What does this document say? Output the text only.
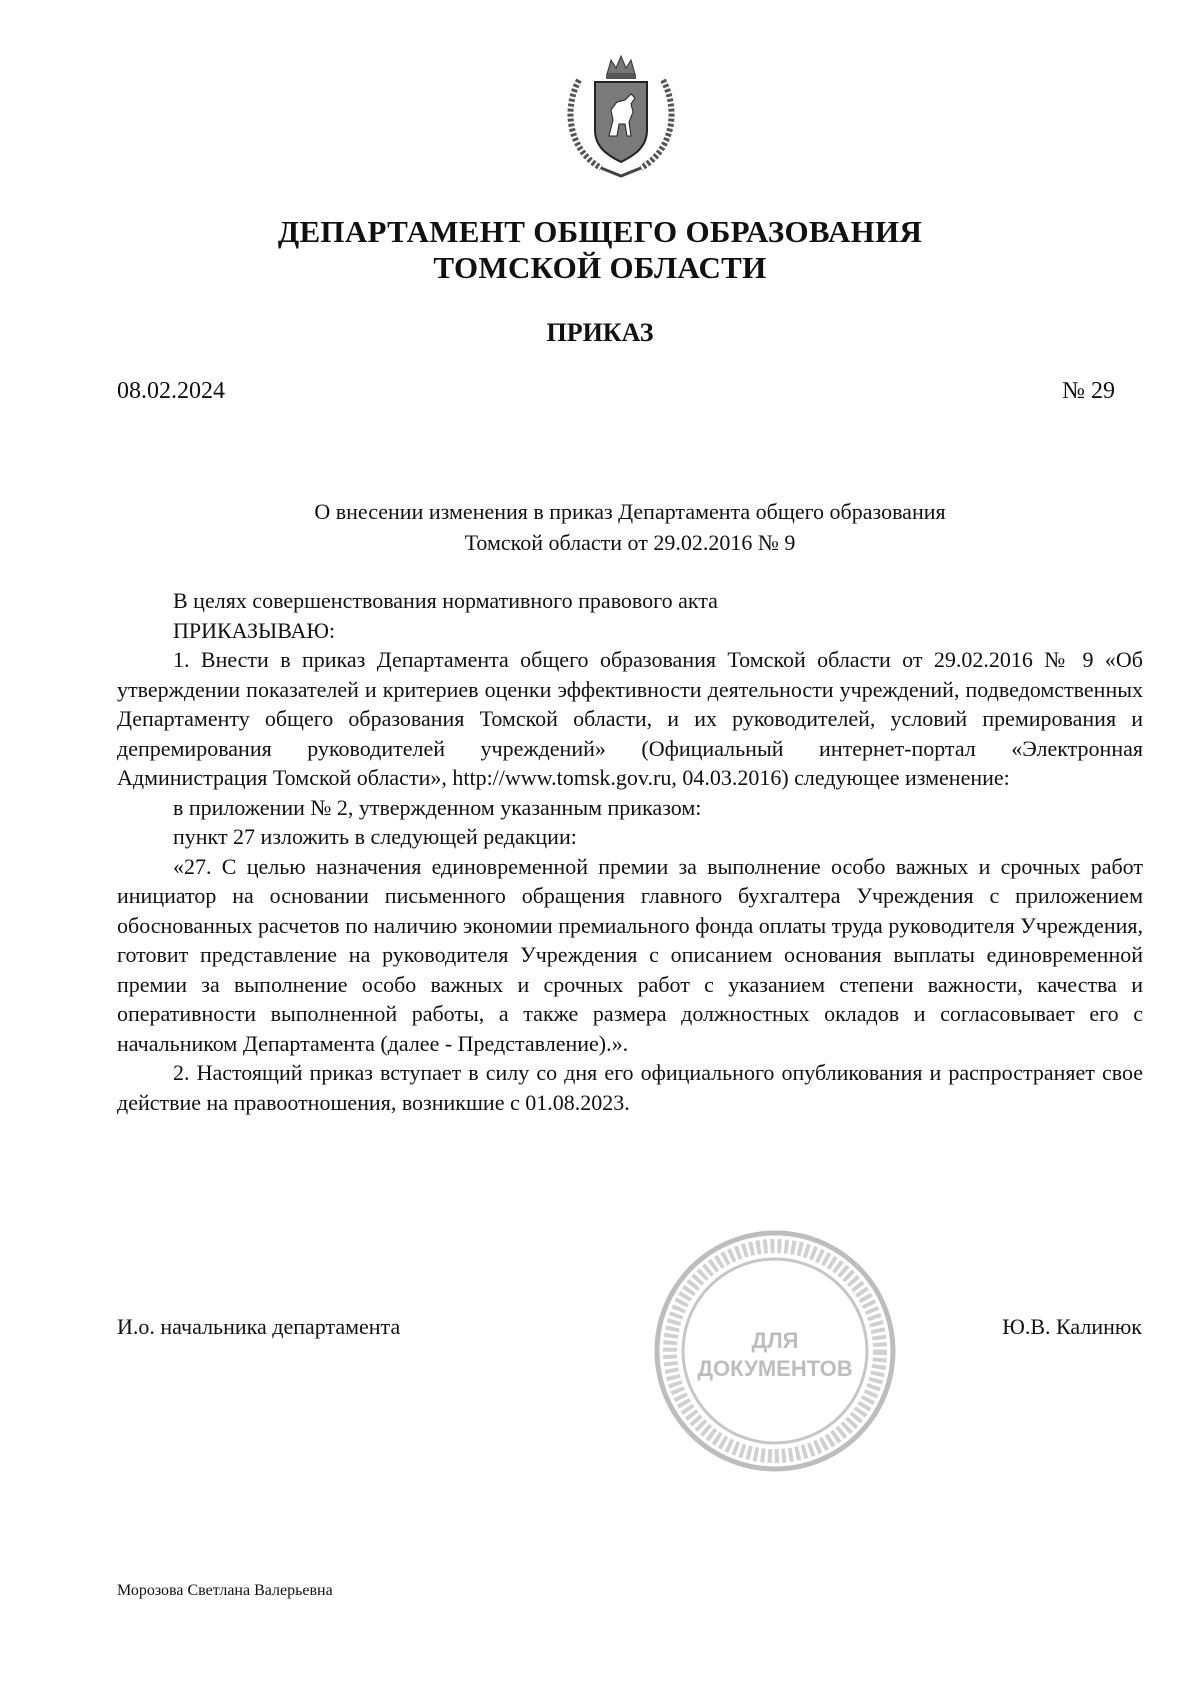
ДЕПАРТАМЕНТ ОБЩЕГО ОБРАЗОВАНИЯ
ТОМСКОЙ ОБЛАСТИ
ПРИКАЗ
08.02.2024	№ 29
О внесении изменения в приказ Департамента общего образования
Томской области от 29.02.2016 № 9

В целях совершенствования нормативного правового акта

ПРИКАЗЫВАЮ:

1. Внести в приказ Департамента общего образования Томской области от 29.02.2016 № 9 «Об утверждении показателей и критериев оценки эффективности деятельности учреждений, подведомственных Департаменту общего образования Томской области, и их руководителей, условий премирования и депремирования руководителей учреждений» (Официальный интернет-портал «Электронная Администрация Томской области», http://www.tomsk.gov.ru, 04.03.2016) следующее изменение:

в приложении № 2, утвержденном указанным приказом:

пункт 27 изложить в следующей редакции:

«27. С целью назначения единовременной премии за выполнение особо важных и срочных работ инициатор на основании письменного обращения главного бухгалтера Учреждения с приложением обоснованных расчетов по наличию экономии премиального фонда оплаты труда руководителя Учреждения, готовит представление на руководителя Учреждения с описанием основания выплаты единовременной премии за выполнение особо важных и срочных работ с указанием степени важности, качества и оперативности выполненной работы, а также размера должностных окладов и согласовывает его с начальником Департамента (далее - Представление).».

2. Настоящий приказ вступает в силу со дня его официального опубликования и распространяет свое действие на правоотношения, возникшие с 01.08.2023.

ДЛЯ
ДОКУМЕНТОВ
И.о. начальника департамента	Ю.В. Калинюк
Морозова Светлана Валерьевна
